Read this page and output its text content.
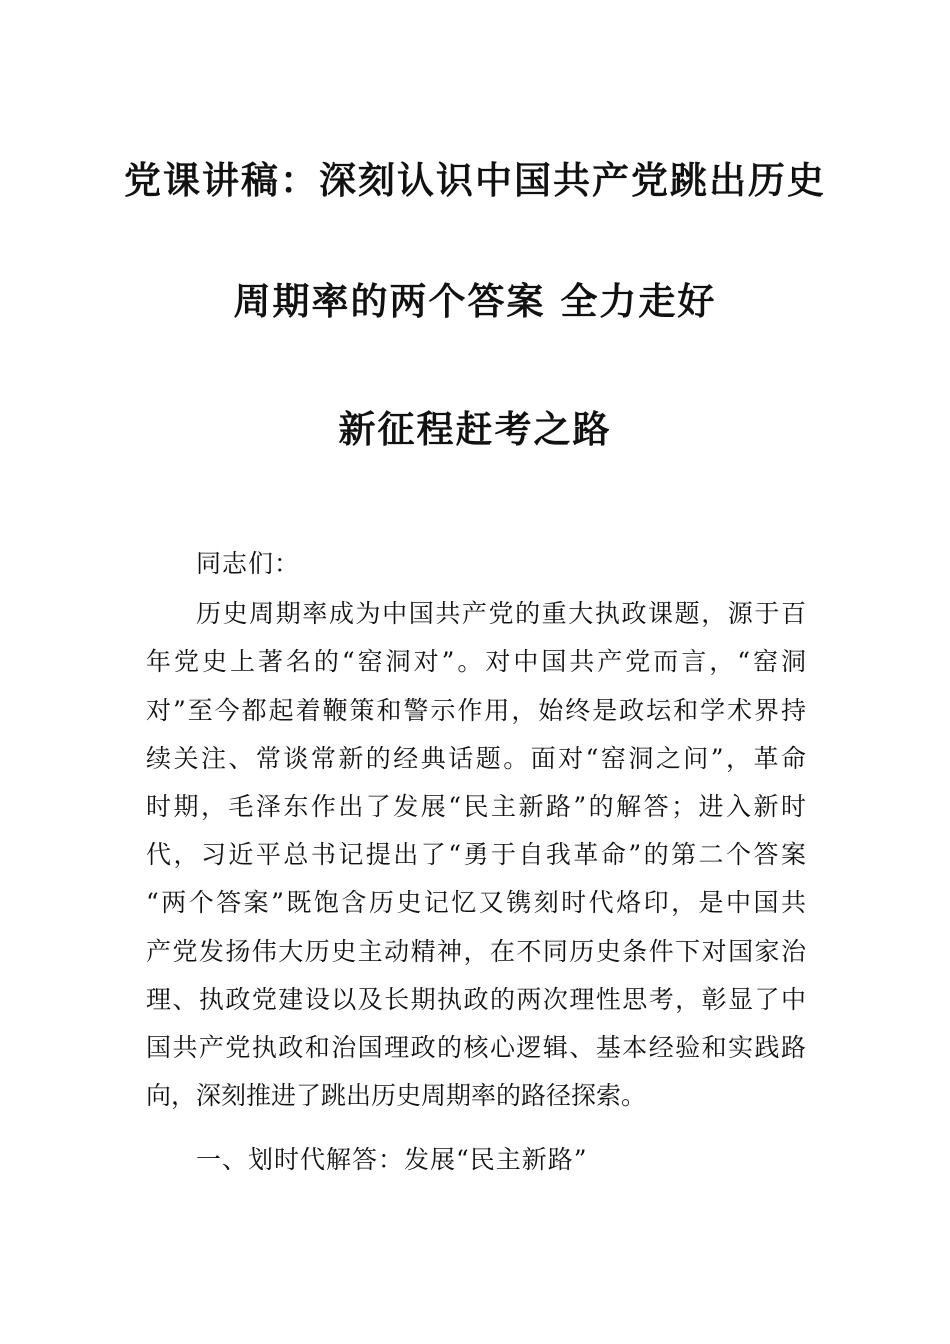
党课讲稿：深刻认识中国共产党跳出历史
周期率的两个答案 全力走好
新征程赶考之路
同志们：
历史周期率成为中国共产党的重大执政课题，源于百
年党史上著名的“窑洞对”。对中国共产党而言，“窑洞
对”至今都起着鞭策和警示作用，始终是政坛和学术界持
续关注、常谈常新的经典话题。面对“窑洞之问”，革命
时期，毛泽东作出了发展“民主新路”的解答；进入新时
代，习近平总书记提出了“勇于自我革命”的第二个答案
“两个答案”既饱含历史记忆又镌刻时代烙印，是中国共
产党发扬伟大历史主动精神，在不同历史条件下对国家治
理、执政党建设以及长期执政的两次理性思考，彰显了中
国共产党执政和治国理政的核心逻辑、基本经验和实践路
向，深刻推进了跳出历史周期率的路径探索。
一、划时代解答：发展“民主新路”
